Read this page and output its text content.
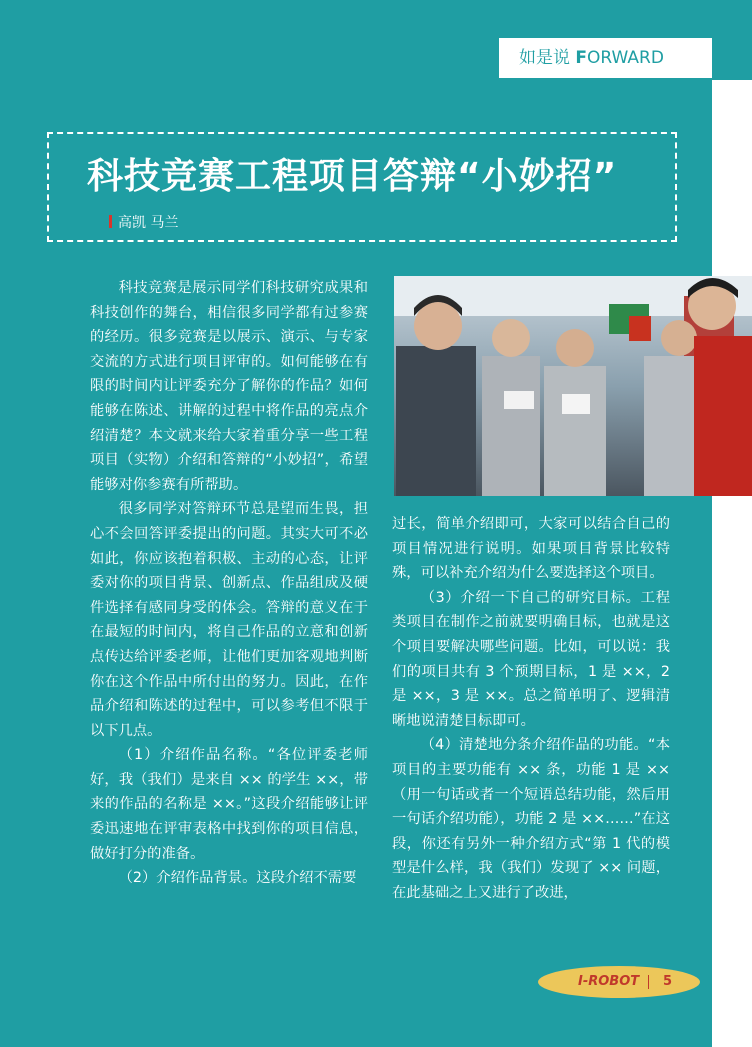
如是说 FORWARD
科技竞赛工程项目答辩“小妙招”
高凯 马兰

科技竞赛是展示同学们科技研究成果和科技创作的舞台，相信很多同学都有过参赛的经历。很多竞赛是以展示、演示、与专家交流的方式进行项目评审的。如何能够在有限的时间内让评委充分了解你的作品？如何能够在陈述、讲解的过程中将作品的亮点介绍清楚？本文就来给大家着重分享一些工程项目（实物）介绍和答辩的“小妙招”，希望能够对你参赛有所帮助。

很多同学对答辩环节总是望而生畏，担心不会回答评委提出的问题。其实大可不必如此，你应该抱着积极、主动的心态，让评委对你的项目背景、创新点、作品组成及硬件选择有感同身受的体会。答辩的意义在于在最短的时间内，将自己作品的立意和创新点传达给评委老师，让他们更加客观地判断你在这个作品中所付出的努力。因此，在作品介绍和陈述的过程中，可以参考但不限于以下几点。

（1）介绍作品名称。“各位评委老师好，我（我们）是来自 ×× 的学生 ××，带来的作品的名称是 ××。”这段介绍能够让评委迅速地在评审表格中找到你的项目信息，做好打分的准备。

（2）介绍作品背景。这段介绍不需要

过长，简单介绍即可，大家可以结合自己的项目情况进行说明。如果项目背景比较特殊，可以补充介绍为什么要选择这个项目。

（3）介绍一下自己的研究目标。工程类项目在制作之前就要明确目标，也就是这个项目要解决哪些问题。比如，可以说：我们的项目共有 3 个预期目标，1 是 ××，2 是 ××，3 是 ××。总之简单明了、逻辑清晰地说清楚目标即可。

（4）清楚地分条介绍作品的功能。“本项目的主要功能有 ×× 条，功能 1 是 ××（用一句话或者一个短语总结功能，然后用一句话介绍功能），功能 2 是 ××……”在这段，你还有另外一种介绍方式“第 1 代的模型是什么样，我（我们）发现了 ×× 问题，在此基础之上又进行了改进，

I-ROBOT 5
